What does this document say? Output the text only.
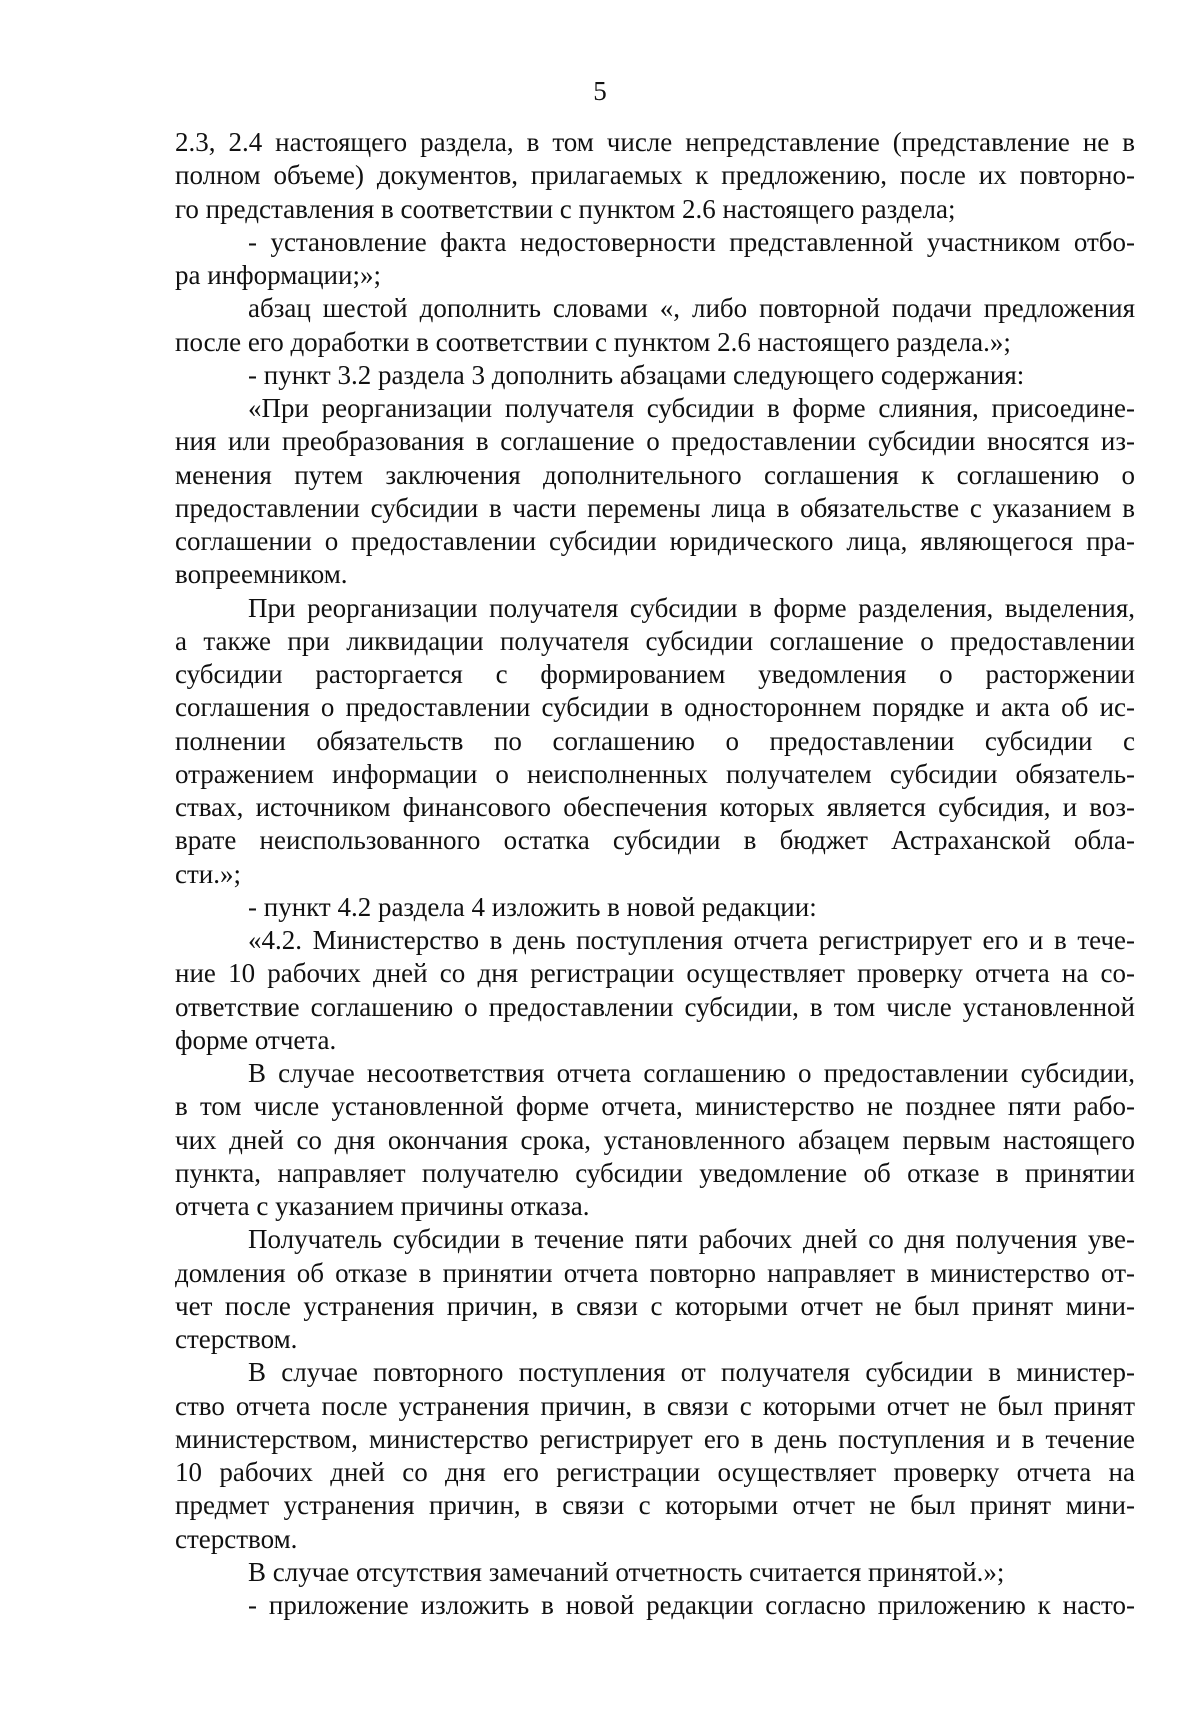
5
2.3, 2.4 настоящего раздела, в том числе непредставление (представление не в
полном объеме) документов, прилагаемых к предложению, после их повторно-
го представления в соответствии с пунктом 2.6 настоящего раздела;
- установление факта недостоверности представленной участником отбо-
ра информации;»;
абзац шестой дополнить словами «, либо повторной подачи предложения
после его доработки в соответствии с пунктом 2.6 настоящего раздела.»;
- пункт 3.2 раздела 3 дополнить абзацами следующего содержания:
«При реорганизации получателя субсидии в форме слияния, присоедине-
ния или преобразования в соглашение о предоставлении субсидии вносятся из-
менения путем заключения дополнительного соглашения к соглашению о
предоставлении субсидии в части перемены лица в обязательстве с указанием в
соглашении о предоставлении субсидии юридического лица, являющегося пра-
вопреемником.
При реорганизации получателя субсидии в форме разделения, выделения,
а также при ликвидации получателя субсидии соглашение о предоставлении
субсидии расторгается с формированием уведомления о расторжении
соглашения о предоставлении субсидии в одностороннем порядке и акта об ис-
полнении обязательств по соглашению о предоставлении субсидии с
отражением информации о неисполненных получателем субсидии обязатель-
ствах, источником финансового обеспечения которых является субсидия, и воз-
врате неиспользованного остатка субсидии в бюджет Астраханской обла-
сти.»;
- пункт 4.2 раздела 4 изложить в новой редакции:
«4.2. Министерство в день поступления отчета регистрирует его и в тече-
ние 10 рабочих дней со дня регистрации осуществляет проверку отчета на со-
ответствие соглашению о предоставлении субсидии, в том числе установленной
форме отчета.
В случае несоответствия отчета соглашению о предоставлении субсидии,
в том числе установленной форме отчета, министерство не позднее пяти рабо-
чих дней со дня окончания срока, установленного абзацем первым настоящего
пункта, направляет получателю субсидии уведомление об отказе в принятии
отчета с указанием причины отказа.
Получатель субсидии в течение пяти рабочих дней со дня получения уве-
домления об отказе в принятии отчета повторно направляет в министерство от-
чет после устранения причин, в связи с которыми отчет не был принят мини-
стерством.
В случае повторного поступления от получателя субсидии в министер-
ство отчета после устранения причин, в связи с которыми отчет не был принят
министерством, министерство регистрирует его в день поступления и в течение
10 рабочих дней со дня его регистрации осуществляет проверку отчета на
предмет устранения причин, в связи с которыми отчет не был принят мини-
стерством.
В случае отсутствия замечаний отчетность считается принятой.»;
- приложение изложить в новой редакции согласно приложению к насто-
